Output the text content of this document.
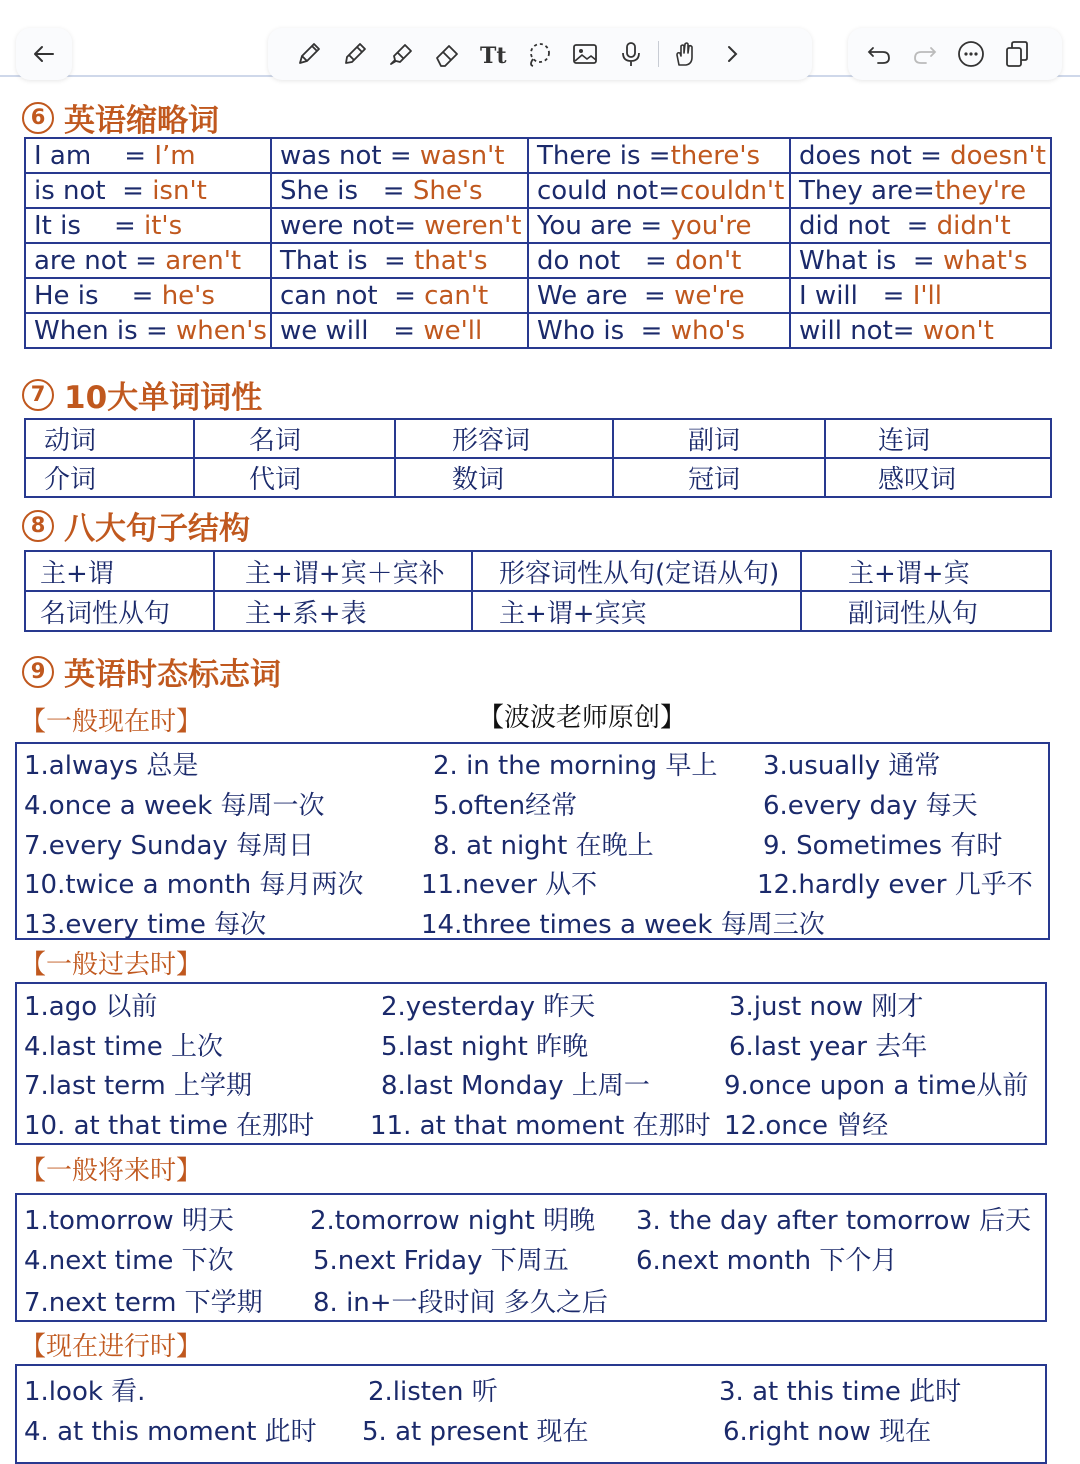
Tt
6 英语缩略词
I am    = I’m	was not = wasn't	There is =there's	does not = doesn't
is not  = isn't	She is   = She's	could not=couldn't	They are=they're
It is    = it's	were not= weren't	You are = you're	did not  = didn't
are not = aren't	That is  = that's	do not   = don't	What is  = what's
He is    = he's	can not  = can't	We are  = we're	I will   = I'll
When is = when's	we will   = we'll	Who is  = who's	will not= won't
7 10大单词词性
动词	名词	形容词	副词	连词
介词	代词	数词	冠词	感叹词
8 八大句子结构
主+谓	主+谓+宾＋宾补	形容词性从句(定语从句)	主+谓+宾
名词性从句	主+系+表	主+谓+宾宾	副词性从句
9 英语时态标志词
【一般现在时】	【波波老师原创】
【一般过去时】
【一般将来时】
【现在进行时】
1.always 总是	2. in the morning 早上 3.usually 通常
4.once a week 每周一次	5.often经常	6.every day 每天
7.every Sunday 每周日	8. at night 在晚上	9. Sometimes 有时
10.twice a month 每月两次 11.never 从不	12.hardly ever 几乎不
13.every time 每次	14.three times a week 每周三次
1.ago 以前	2.yesterday 昨天	3.just now 刚才
4.last time 上次	5.last night 昨晚	6.last year 去年
7.last term 上学期	8.last Monday 上周一	9.once upon a time从前
10. at that time 在那时 11. at that moment 在那时 12.once 曾经
1.tomorrow 明天	2.tomorrow night 明晚 3. the day after tomorrow 后天
4.next time 下次	5.next Friday 下周五	6.next month 下个月
7.next term 下学期 8. in+一段时间 多久之后
1.look 看.	2.listen 听	3. at this time 此时
4. at this moment 此时 5. at present 现在	6.right now 现在
